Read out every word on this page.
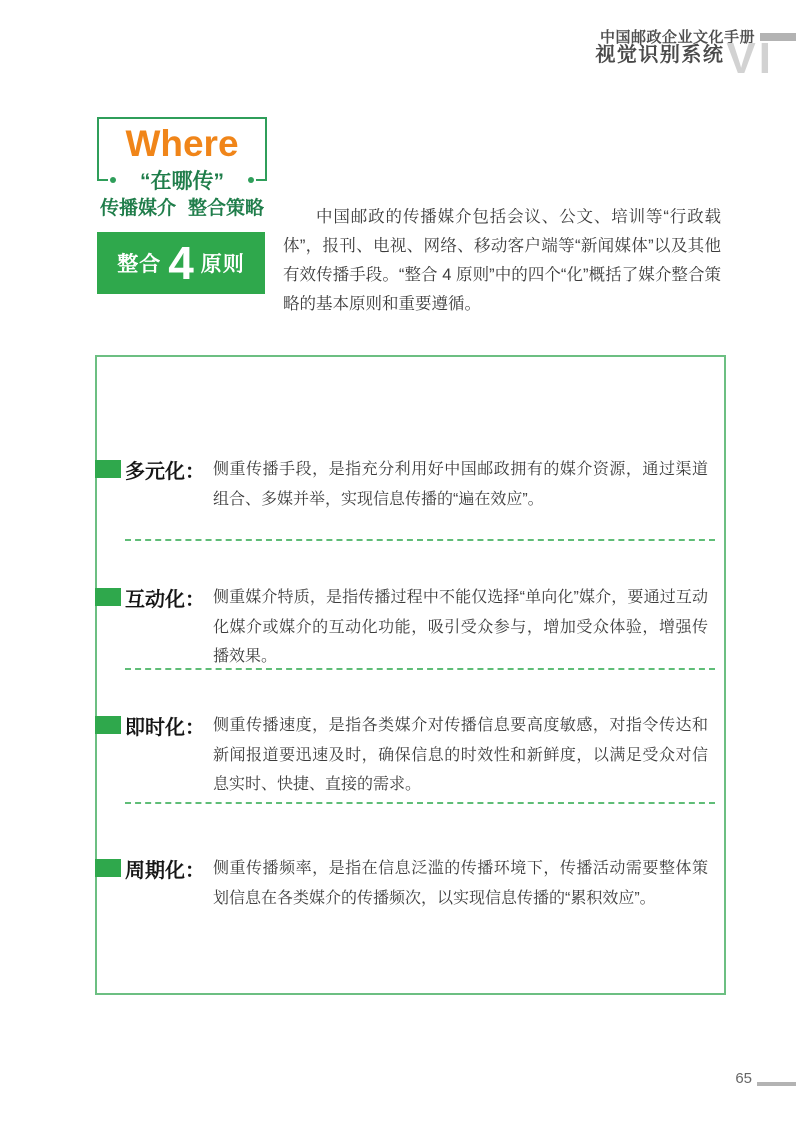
中国邮政企业文化手册
视觉识别系统 VI
Where
“在哪传”
传播媒介 整合策略
整合 4 原则
中国邮政的传播媒介包括会议、公文、培训等“行政载体”，报刊、电视、网络、移动客户端等“新闻媒体”以及其他有效传播手段。“整合 4 原则”中的四个“化”概括了媒介整合策略的基本原则和重要遵循。
多元化： 侧重传播手段，是指充分利用好中国邮政拥有的媒介资源，通过渠道组合、多媒并举，实现信息传播的“遍在效应”。
互动化： 侧重媒介特质，是指传播过程中不能仅选择“单向化”媒介，要通过互动化媒介或媒介的互动化功能，吸引受众参与，增加受众体验，增强传播效果。
即时化： 侧重传播速度，是指各类媒介对传播信息要高度敏感，对指令传达和新闻报道要迅速及时，确保信息的时效性和新鲜度，以满足受众对信息实时、快捷、直接的需求。
周期化： 侧重传播频率，是指在信息泛滥的传播环境下，传播活动需要整体策划信息在各类媒介的传播频次，以实现信息传播的“累积效应”。
65
